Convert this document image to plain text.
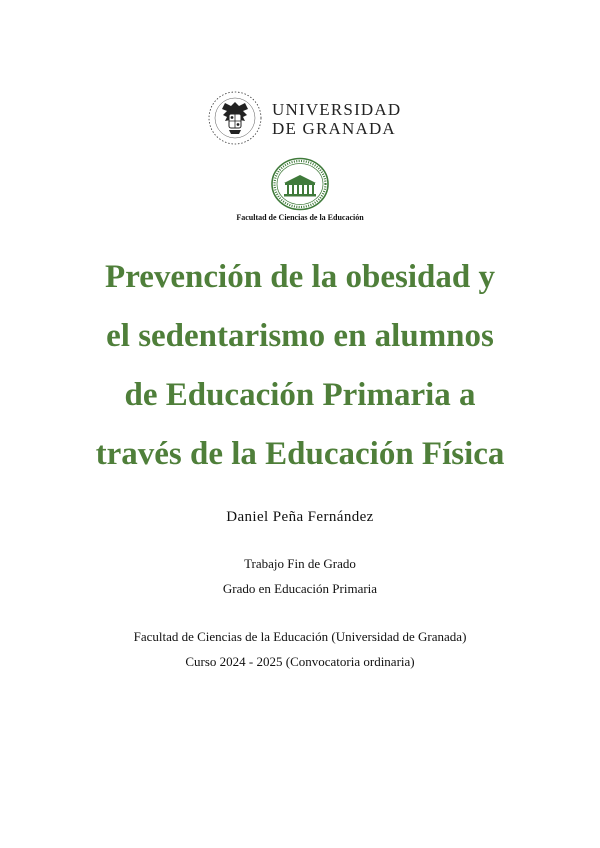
UNIVERSIDAD
DE GRANADA
Facultad de Ciencias de la Educación
Prevención de la obesidad y
el sedentarismo en alumnos
de Educación Primaria a
través de la Educación Física
Daniel Peña Fernández
Trabajo Fin de Grado
Grado en Educación Primaria
Facultad de Ciencias de la Educación (Universidad de Granada)
Curso 2024 - 2025 (Convocatoria ordinaria)
